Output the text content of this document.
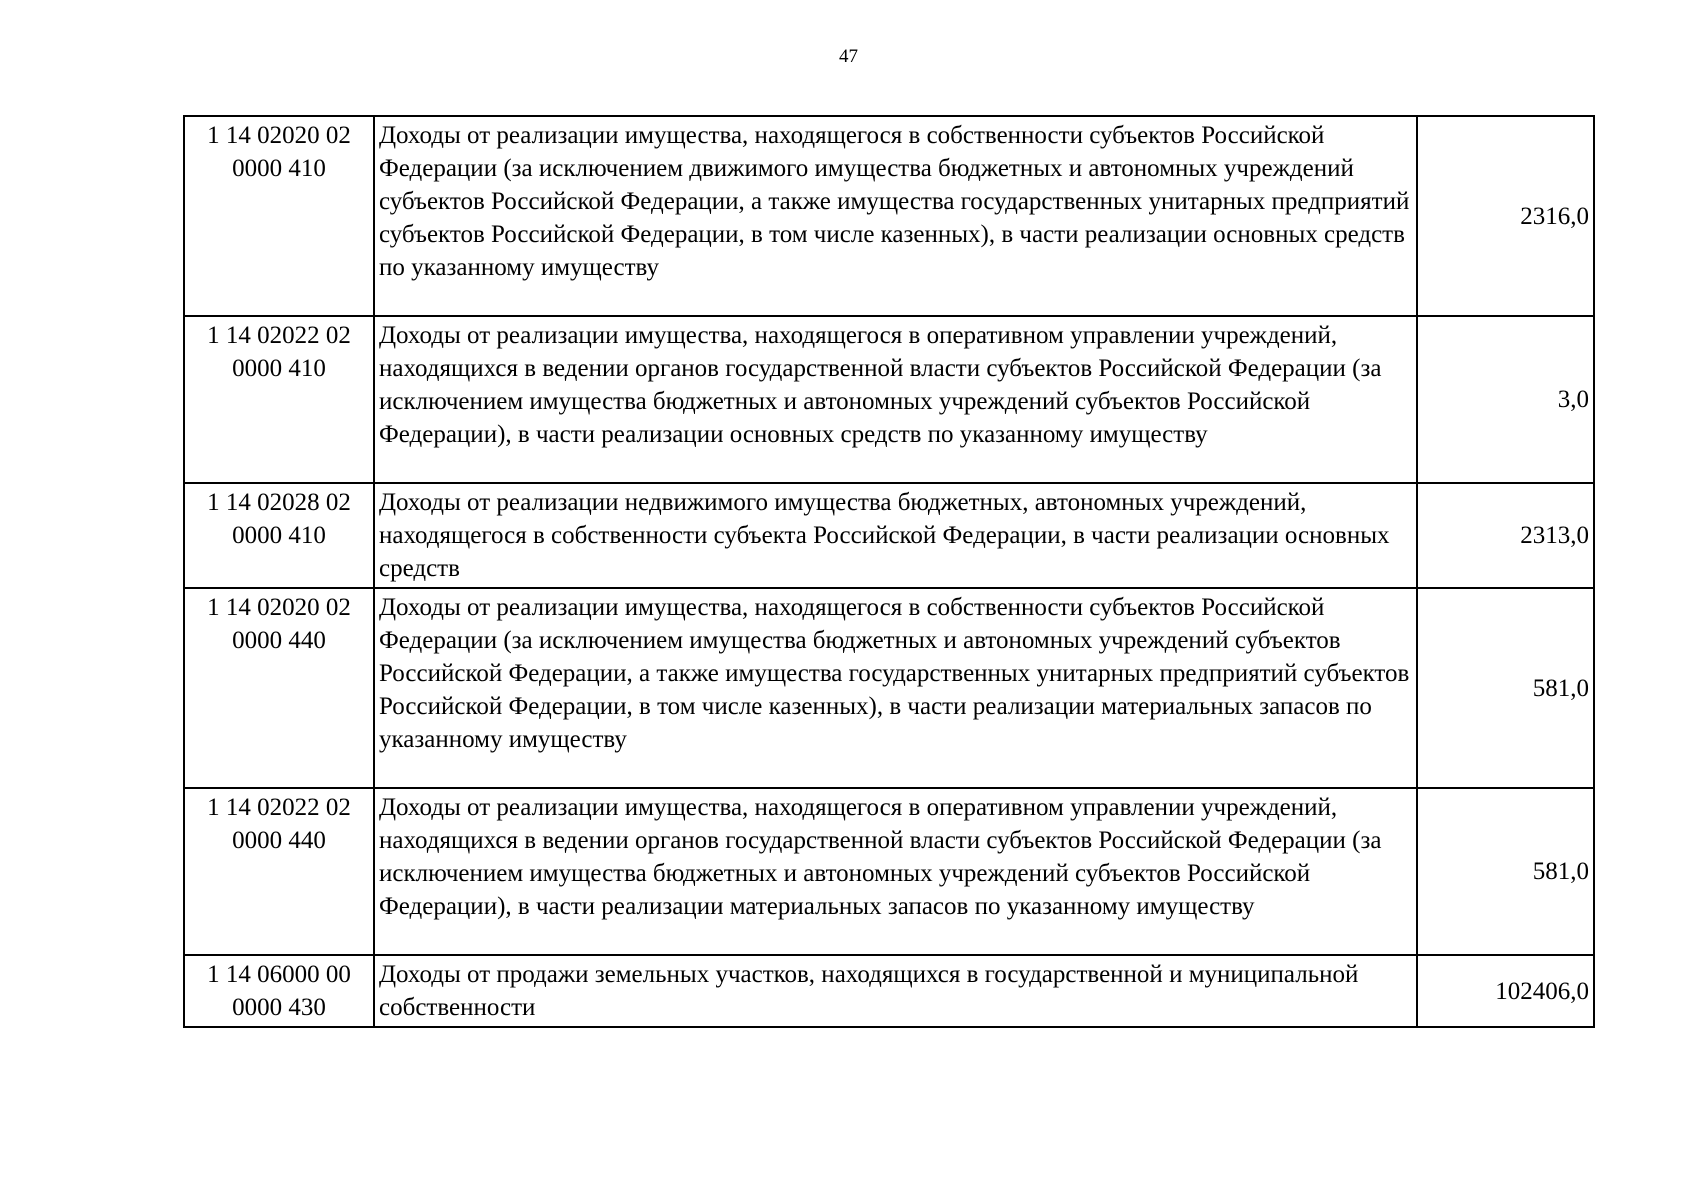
47
1 14 02020 02
0000 410	Доходы от реализации имущества, находящегося в собственности субъектов Российской Федерации (за исключением движимого имущества бюджетных и автономных учреждений субъектов Российской Федерации, а также имущества государственных унитарных предприятий субъектов Российской Федерации, в том числе казенных), в части реализации основных средств по указанному имуществу	2316,0

1 14 02022 02
0000 410	Доходы от реализации имущества, находящегося в оперативном управлении учреждений, находящихся в ведении органов государственной власти субъектов Российской Федерации (за исключением имущества бюджетных и автономных учреждений субъектов Российской Федерации), в части реализации основных средств по указанному имуществу	3,0

1 14 02028 02
0000 410	Доходы от реализации недвижимого имущества бюджетных, автономных учреждений, находящегося в собственности субъекта Российской Федерации, в части реализации основных средств	2313,0

1 14 02020 02
0000 440	Доходы от реализации имущества, находящегося в собственности субъектов Российской Федерации (за исключением имущества бюджетных и автономных учреждений субъектов Российской Федерации, а также имущества государственных унитарных предприятий субъектов Российской Федерации, в том числе казенных), в части реализации материальных запасов по указанному имуществу	581,0

1 14 02022 02
0000 440	Доходы от реализации имущества, находящегося в оперативном управлении учреждений, находящихся в ведении органов государственной власти субъектов Российской Федерации (за исключением имущества бюджетных и автономных учреждений субъектов Российской Федерации), в части реализации материальных запасов по указанному имуществу	581,0

1 14 06000 00
0000 430	Доходы от продажи земельных участков, находящихся в государственной и муниципальной собственности	102406,0
